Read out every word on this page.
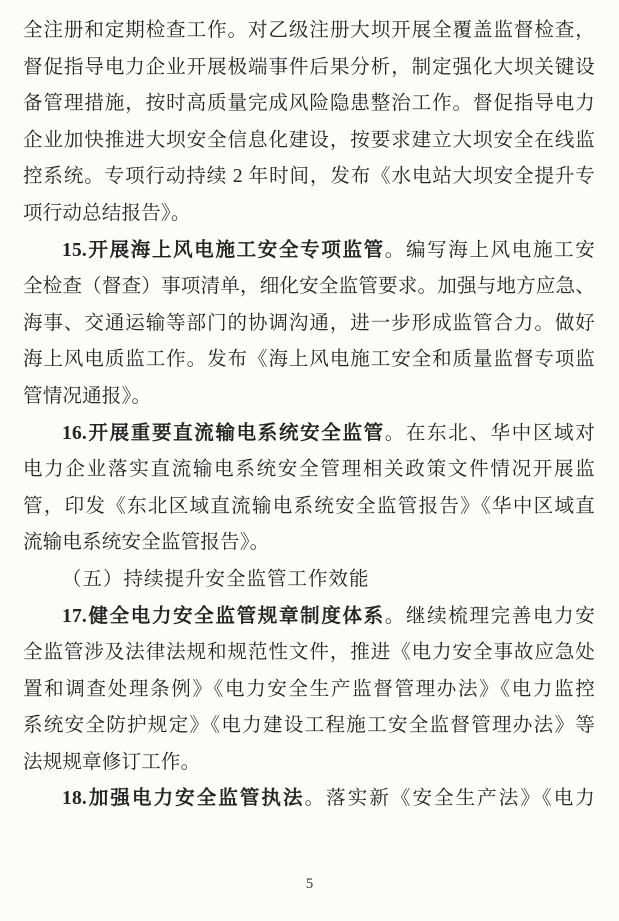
全注册和定期检查工作。对乙级注册大坝开展全覆盖监督检查，
督促指导电力企业开展极端事件后果分析，制定强化大坝关键设
备管理措施，按时高质量完成风险隐患整治工作。督促指导电力
企业加快推进大坝安全信息化建设，按要求建立大坝安全在线监
控系统。专项行动持续 2 年时间，发布《水电站大坝安全提升专
项行动总结报告》。
15.开展海上风电施工安全专项监管。编写海上风电施工安
全检查（督查）事项清单，细化安全监管要求。加强与地方应急、
海事、交通运输等部门的协调沟通，进一步形成监管合力。做好
海上风电质监工作。发布《海上风电施工安全和质量监督专项监
管情况通报》。
16.开展重要直流输电系统安全监管。在东北、华中区域对
电力企业落实直流输电系统安全管理相关政策文件情况开展监
管，印发《东北区域直流输电系统安全监管报告》《华中区域直
流输电系统安全监管报告》。
（五）持续提升安全监管工作效能
17.健全电力安全监管规章制度体系。继续梳理完善电力安
全监管涉及法律法规和规范性文件，推进《电力安全事故应急处
置和调查处理条例》《电力安全生产监督管理办法》《电力监控
系统安全防护规定》《电力建设工程施工安全监督管理办法》等
法规规章修订工作。
18.加强电力安全监管执法。落实新《安全生产法》《电力
5
